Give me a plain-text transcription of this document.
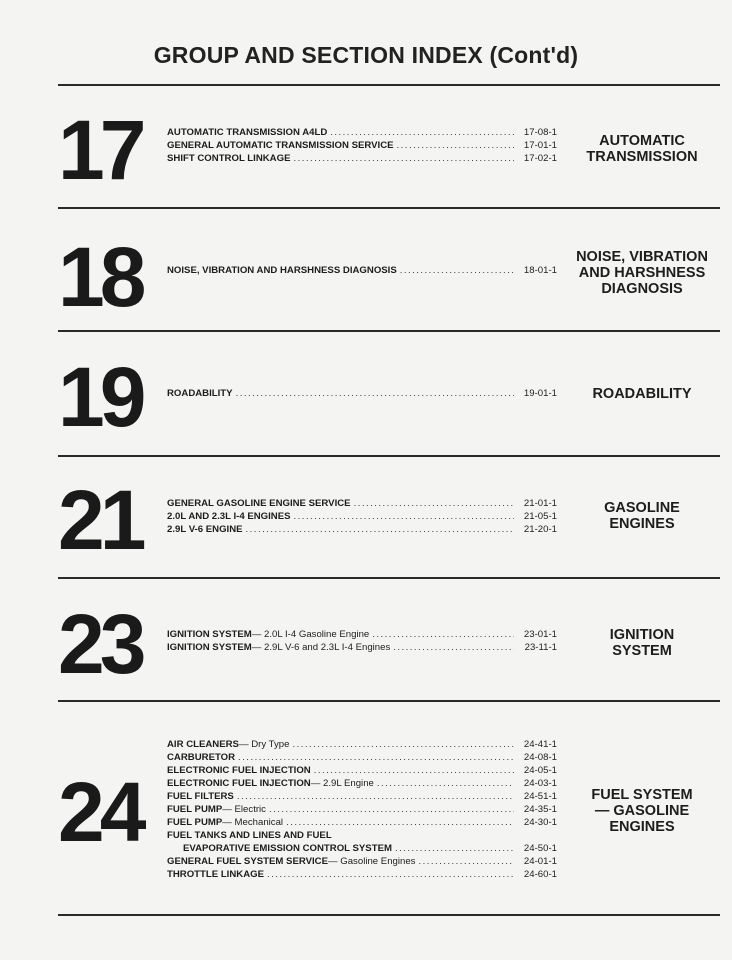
GROUP AND SECTION INDEX (Cont'd)
17	AUTOMATIC TRANSMISSION A4LD . . .	17-08-1
GENERAL AUTOMATIC TRANSMISSION SERVICE . . .	17-01-1
SHIFT CONTROL LINKAGE . . .	17-02-1
AUTOMATIC
TRANSMISSION
18	NOISE, VIBRATION AND HARSHNESS DIAGNOSIS . . .	18-01-1
NOISE, VIBRATION
AND HARSHNESS
DIAGNOSIS
19	ROADABILITY . . .	19-01-1	ROADABILITY
21	GENERAL GASOLINE ENGINE SERVICE . . .	21-01-1
2.0L AND 2.3L I-4 ENGINES . . .	21-05-1
2.9L V-6 ENGINE . . .	21-20-1
GASOLINE
ENGINES
23	IGNITION SYSTEM — 2.0L I-4 Gasoline Engine . . .	23-01-1
IGNITION SYSTEM — 2.9L V-6 and 2.3L I-4 Engines . . .	23-11-1
IGNITION
SYSTEM
24
AIR CLEANERS — Dry Type . . .	24-41-1
CARBURETOR . . .	24-08-1
ELECTRONIC FUEL INJECTION . . .	24-05-1
ELECTRONIC FUEL INJECTION — 2.9L Engine . . .	24-03-1
FUEL FILTERS . . .	24-51-1
FUEL PUMP — Electric . . .	24-35-1
FUEL PUMP — Mechanical . . .	24-30-1
FUEL TANKS AND LINES AND FUEL
EVAPORATIVE EMISSION CONTROL SYSTEM . . .	24-50-1
GENERAL FUEL SYSTEM SERVICE — Gasoline Engines . . .	24-01-1
THROTTLE LINKAGE . . .	24-60-1
FUEL SYSTEM
— GASOLINE
ENGINES
